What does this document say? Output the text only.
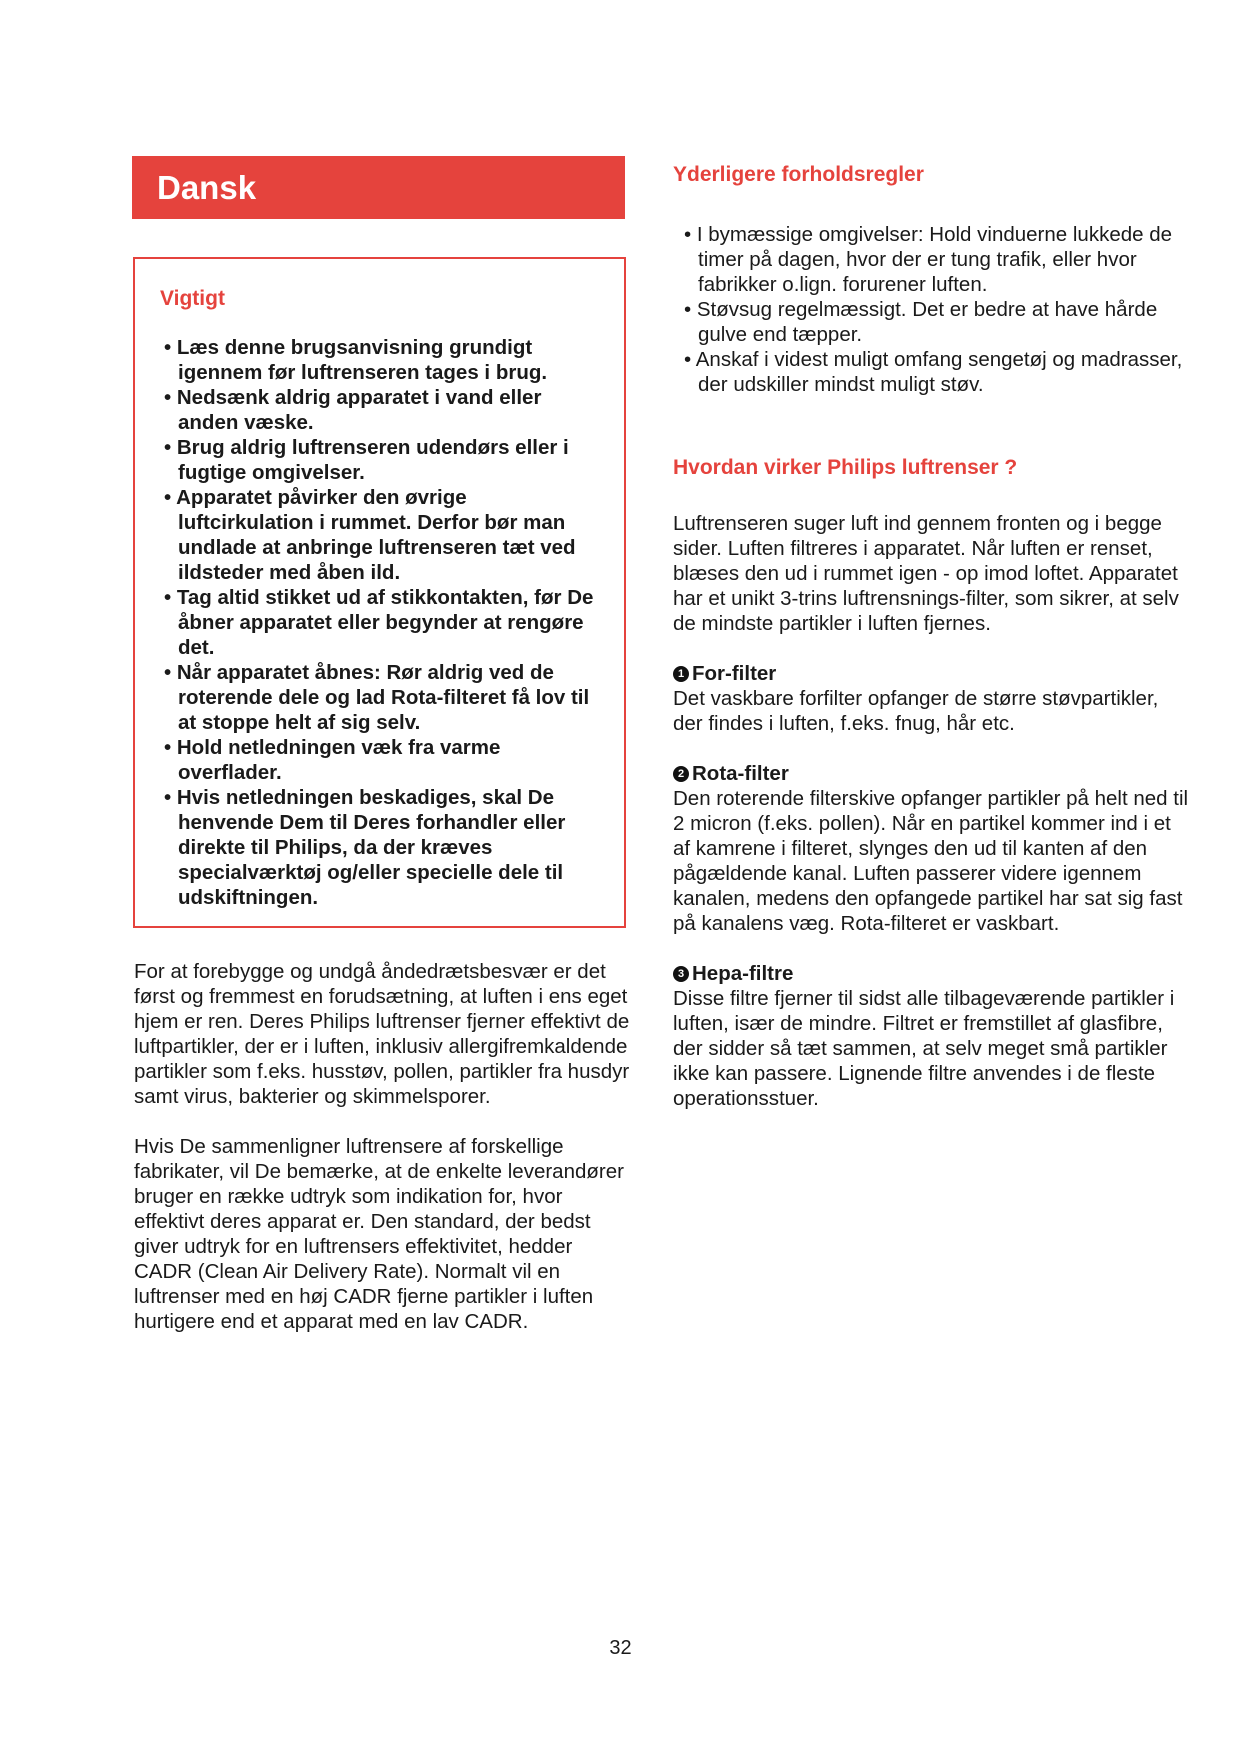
Dansk
Vigtigt
• Læs denne brugsanvisning grundigt igennem før luftrenseren tages i brug.
• Nedsænk aldrig apparatet i vand eller anden væske.
• Brug aldrig luftrenseren udendørs eller i fugtige omgivelser.
• Apparatet påvirker den øvrige luftcirkulation i rummet. Derfor bør man undlade at anbringe luftrenseren tæt ved ildsteder med åben ild.
• Tag altid stikket ud af stikkontakten, før De åbner apparatet eller begynder at rengøre det.
• Når apparatet åbnes: Rør aldrig ved de roterende dele og lad Rota-filteret få lov til at stoppe helt af sig selv.
• Hold netledningen væk fra varme overflader.
• Hvis netledningen beskadiges, skal De henvende Dem til Deres forhandler eller direkte til Philips, da der kræves specialværktøj og/eller specielle dele til udskiftningen.

For at forebygge og undgå åndedrætsbesvær er det først og fremmest en forudsætning, at luften i ens eget hjem er ren. Deres Philips luftrenser fjerner effektivt de luftpartikler, der er i luften, inklusiv allergifremkaldende partikler som f.eks. husstøv, pollen, partikler fra husdyr samt virus, bakterier og skimmelsporer.

Hvis De sammenligner luftrensere af forskellige fabrikater, vil De bemærke, at de enkelte leverandører bruger en række udtryk som indikation for, hvor effektivt deres apparat er. Den standard, der bedst giver udtryk for en luftrensers effektivitet, hedder CADR (Clean Air Delivery Rate). Normalt vil en luftrenser med en høj CADR fjerne partikler i luften hurtigere end et apparat med en lav CADR.

Yderligere forholdsregler
• I bymæssige omgivelser: Hold vinduerne lukkede de timer på dagen, hvor der er tung trafik, eller hvor fabrikker o.lign. forurener luften.
• Støvsug regelmæssigt. Det er bedre at have hårde gulve end tæpper.
• Anskaf i videst muligt omfang sengetøj og madrasser, der udskiller mindst muligt støv.
Hvordan virker Philips luftrenser ?

Luftrenseren suger luft ind gennem fronten og i begge sider. Luften filtreres i apparatet. Når luften er renset, blæses den ud i rummet igen - op imod loftet. Apparatet har et unikt 3-trins luftrensnings-filter, som sikrer, at selv de mindste partikler i luften fjernes.

1 For-filter

Det vaskbare forfilter opfanger de større støvpartikler, der findes i luften, f.eks. fnug, hår etc.

2 Rota-filter

Den roterende filterskive opfanger partikler på helt ned til 2 micron (f.eks. pollen). Når en partikel kommer ind i et af kamrene i filteret, slynges den ud til kanten af den pågældende kanal. Luften passerer videre igennem kanalen, medens den opfangede partikel har sat sig fast på kanalens væg. Rota-filteret er vaskbart.

3 Hepa-filtre

Disse filtre fjerner til sidst alle tilbageværende partikler i luften, især de mindre. Filtret er fremstillet af glasfibre, der sidder så tæt sammen, at selv meget små partikler ikke kan passere. Lignende filtre anvendes i de fleste operationsstuer.

32
